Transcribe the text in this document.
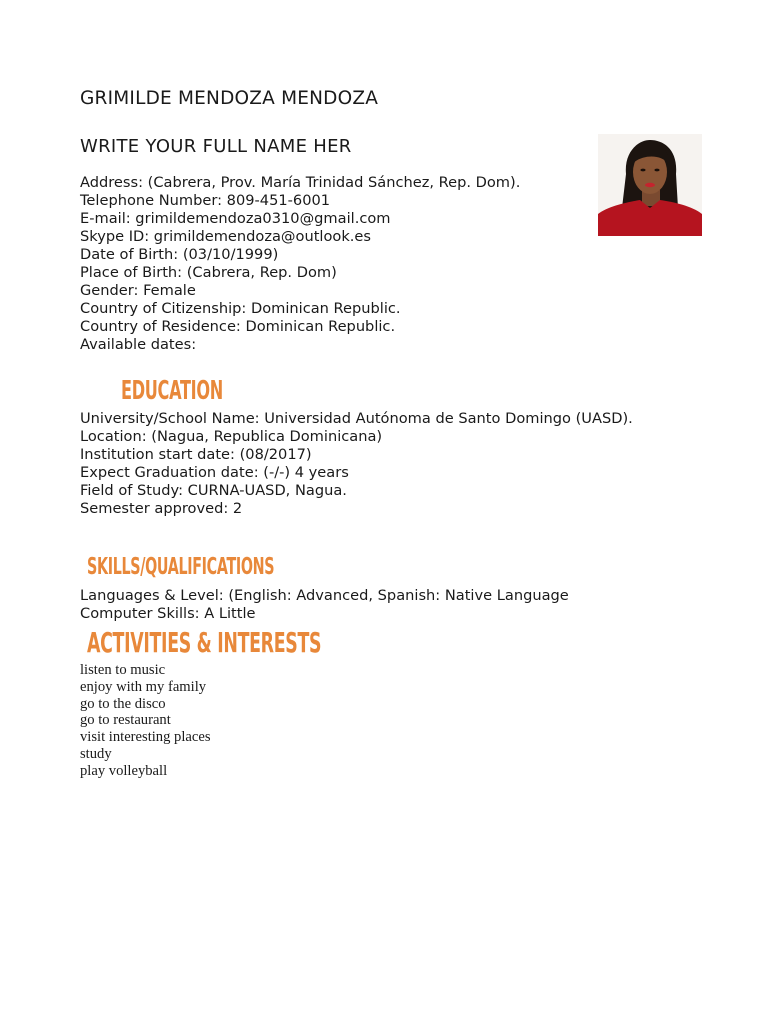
GRIMILDE MENDOZA MENDOZA
WRITE YOUR FULL NAME HER
Address: (Cabrera, Prov. María Trinidad Sánchez, Rep. Dom).
Telephone Number: 809-451-6001
E-mail: grimildemendoza0310@gmail.com
Skype ID: grimildemendoza@outlook.es
Date of Birth: (03/10/1999)
Place of Birth: (Cabrera, Rep. Dom)
Gender: Female
Country of Citizenship: Dominican Republic.
Country of Residence: Dominican Republic.
Available dates:
EDUCATION
University/School Name: Universidad Autónoma de Santo Domingo (UASD).
Location: (Nagua, Republica Dominicana)
Institution start date: (08/2017)
Expect Graduation date: (-/-) 4 years
Field of Study: CURNA-UASD, Nagua.
Semester approved: 2
SKILLS/QUALIFICATIONS
Languages & Level: (English: Advanced, Spanish: Native Language
Computer Skills: A Little
ACTIVITIES & INTERESTS
listen to music
enjoy with my family
go to the disco
go to restaurant
visit interesting places
study
play volleyball
